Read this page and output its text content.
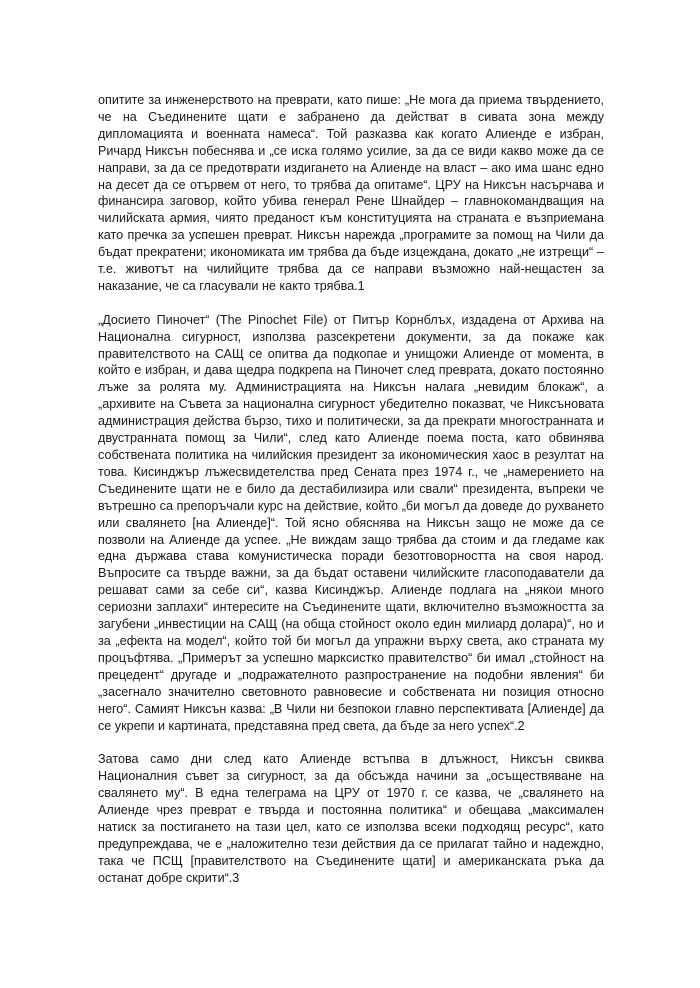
опитите за инженерството на преврати, като пише: „Не мога да приема твърдението, че на Съединените щати е забранено да действат в сивата зона между дипломацията и военната намеса“. Той разказва как когато Алиенде е избран, Ричард Никсън побеснява и „се иска голямо усилие, за да се види какво може да се направи, за да се предотврати издигането на Алиенде на власт – ако има шанс едно на десет да се отървем от него, то трябва да опитаме“. ЦРУ на Никсън насърчава и финансира заговор, който убива генерал Рене Шнайдер – главнокомандващия на чилийската армия, чиято преданост към конституцията на страната е възприемана като пречка за успешен преврат. Никсън нарежда „програмите за помощ на Чили да бъдат прекратени; икономиката им трябва да бъде изцеждана, докато „не изтрещи“ – т.е. животът на чилийците трябва да се направи възможно най-нещастен за наказание, че са гласували не както трябва.1

„Досието Пиночет“ (The Pinochet File) от Питър Корнблъх, издадена от Архива на Национална сигурност, използва разсекретени документи, за да покаже как правителството на САЩ се опитва да подкопае и унищожи Алиенде от момента, в който е избран, и дава щедра подкрепа на Пиночет след преврата, докато постоянно лъже за ролята му. Администрацията на Никсън налага „невидим блокаж“, а „архивите на Съвета за национална сигурност убедително показват, че Никсъновата администрация действа бързо, тихо и политически, за да прекрати многостранната и двустранната помощ за Чили“, след като Алиенде поема поста, като обвинява собствената политика на чилийския президент за икономическия хаос в резултат на това. Кисинджър лъжесвидетелства пред Сената през 1974 г., че „намерението на Съединените щати не е било да дестабилизира или свали“ президента, въпреки че вътрешно са препоръчали курс на действие, който „би могъл да доведе до рухването или свалянето [на Алиенде]“. Той ясно обяснява на Никсън защо не може да се позволи на Алиенде да успее. „Не виждам защо трябва да стоим и да гледаме как една държава става комунистическа поради безотговорността на своя народ. Въпросите са твърде важни, за да бъдат оставени чилийските гласоподаватели да решават сами за себе си“, казва Кисинджър. Алиенде подлага на „някои много сериозни заплахи“ интересите на Съединените щати, включително възможността за загубени „инвестиции на САЩ (на обща стойност около един милиард долара)“, но и за „ефекта на модел“, който той би могъл да упражни върху света, ако страната му процъфтява. „Примерът за успешно марксистко правителство“ би имал „стойност на прецедент“ другаде и „подражателното разпространение на подобни явления“ би „засегнало значително световното равновесие и собствената ни позиция относно него“. Самият Никсън казва: „В Чили ни безпокои главно перспективата [Алиенде] да се укрепи и картината, представяна пред света, да бъде за него успех“.2

Затова само дни след като Алиенде встъпва в длъжност, Никсън свиква Националния съвет за сигурност, за да обсъжда начини за „осъществяване на свалянето му“. В една телеграма на ЦРУ от 1970 г. се казва, че „свалянето на Алиенде чрез преврат е твърда и постоянна политика“ и обещава „максимален натиск за постигането на тази цел, като се използва всеки подходящ ресурс“, като предупреждава, че е „наложително тези действия да се прилагат тайно и надеждно, така че ПСЩ [правителството на Съединените щати] и американската ръка да останат добре скрити“.3
